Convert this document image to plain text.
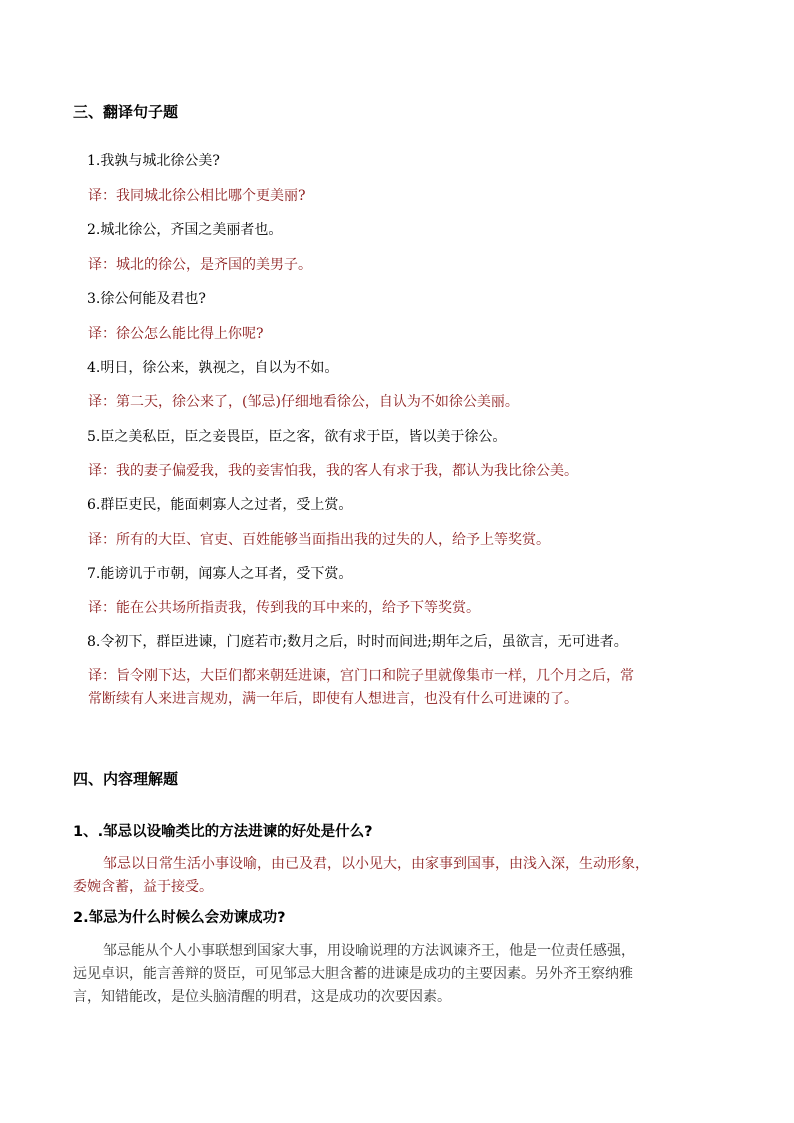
三、翻译句子题
1.我孰与城北徐公美?
译：我同城北徐公相比哪个更美丽?
2.城北徐公，齐国之美丽者也。
译：城北的徐公，是齐国的美男子。
3.徐公何能及君也?
译：徐公怎么能比得上你呢?
4.明日，徐公来，孰视之，自以为不如。
译：第二天，徐公来了，(邹忌)仔细地看徐公，自认为不如徐公美丽。
5.臣之美私臣，臣之妾畏臣，臣之客，欲有求于臣，皆以美于徐公。
译：我的妻子偏爱我，我的妾害怕我，我的客人有求于我，都认为我比徐公美。
6.群臣吏民，能面刺寡人之过者，受上赏。
译：所有的大臣、官吏、百姓能够当面指出我的过失的人，给予上等奖赏。
7.能谤讥于市朝，闻寡人之耳者，受下赏。
译：能在公共场所指责我，传到我的耳中来的，给予下等奖赏。
8.令初下，群臣进谏，门庭若市;数月之后，时时而间进;期年之后，虽欲言，无可进者。
译：旨令刚下达，大臣们都来朝廷进谏，宫门口和院子里就像集市一样，几个月之后，常
常断续有人来进言规劝，满一年后，即使有人想进言，也没有什么可进谏的了。
四、内容理解题
1、.邹忌以设喻类比的方法进谏的好处是什么?
邹忌以日常生活小事设喻，由已及君，以小见大，由家事到国事，由浅入深，生动形象，
委婉含蓄，益于接受。
2.邹忌为什么时候么会劝谏成功?
邹忌能从个人小事联想到国家大事，用设喻说理的方法讽谏齐王，他是一位责任感强，
远见卓识，能言善辩的贤臣，可见邹忌大胆含蓄的进谏是成功的主要因素。另外齐王察纳雅
言，知错能改，是位头脑清醒的明君，这是成功的次要因素。
